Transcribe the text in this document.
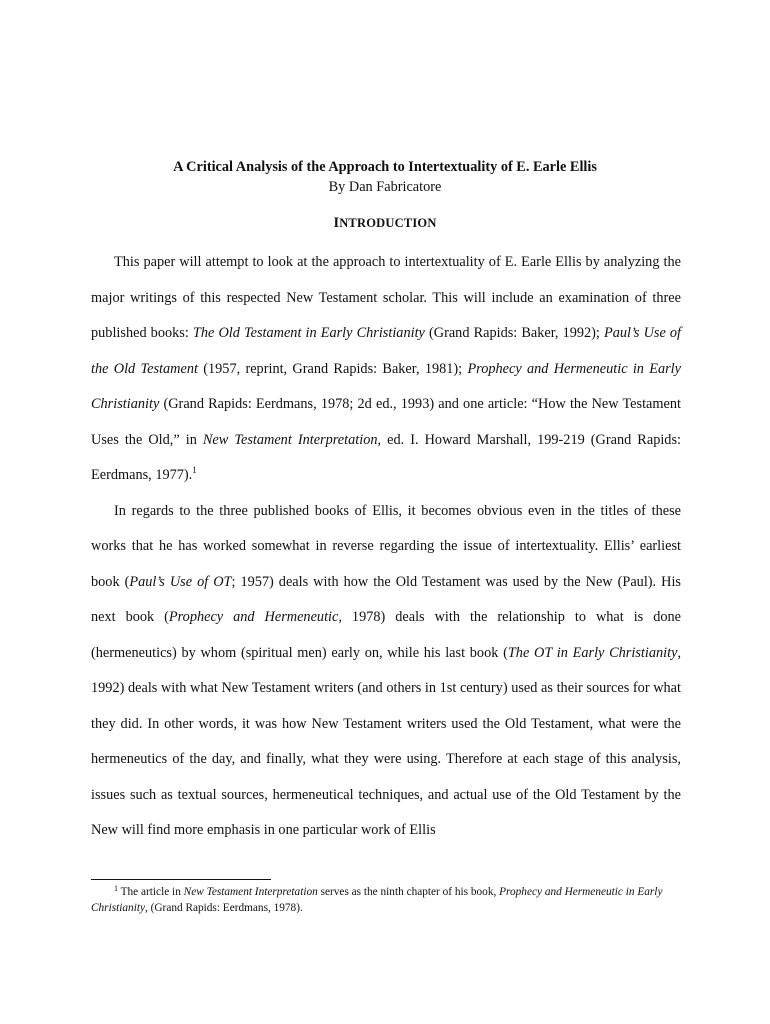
A Critical Analysis of the Approach to Intertextuality of E. Earle Ellis
By Dan Fabricatore
INTRODUCTION

This paper will attempt to look at the approach to intertextuality of E. Earle Ellis by analyzing the major writings of this respected New Testament scholar. This will include an examination of three published books: The Old Testament in Early Christianity (Grand Rapids: Baker, 1992); Paul’s Use of the Old Testament (1957, reprint, Grand Rapids: Baker, 1981); Prophecy and Hermeneutic in Early Christianity (Grand Rapids: Eerdmans, 1978; 2d ed., 1993) and one article: “How the New Testament Uses the Old,” in New Testament Interpretation, ed. I. Howard Marshall, 199-219 (Grand Rapids: Eerdmans, 1977).$^1$

In regards to the three published books of Ellis, it becomes obvious even in the titles of these works that he has worked somewhat in reverse regarding the issue of intertextuality. Ellis’ earliest book (Paul’s Use of OT; 1957) deals with how the Old Testament was used by the New (Paul). His next book (Prophecy and Hermeneutic, 1978) deals with the relationship to what is done (hermeneutics) by whom (spiritual men) early on, while his last book (The OT in Early Christianity, 1992) deals with what New Testament writers (and others in 1st century) used as their sources for what they did. In other words, it was how New Testament writers used the Old Testament, what were the hermeneutics of the day, and finally, what they were using. Therefore at each stage of this analysis, issues such as textual sources, hermeneutical techniques, and actual use of the Old Testament by the New will find more emphasis in one particular work of Ellis

$^1$ The article in New Testament Interpretation serves as the ninth chapter of his book, Prophecy and Hermeneutic in Early Christianity, (Grand Rapids: Eerdmans, 1978).
